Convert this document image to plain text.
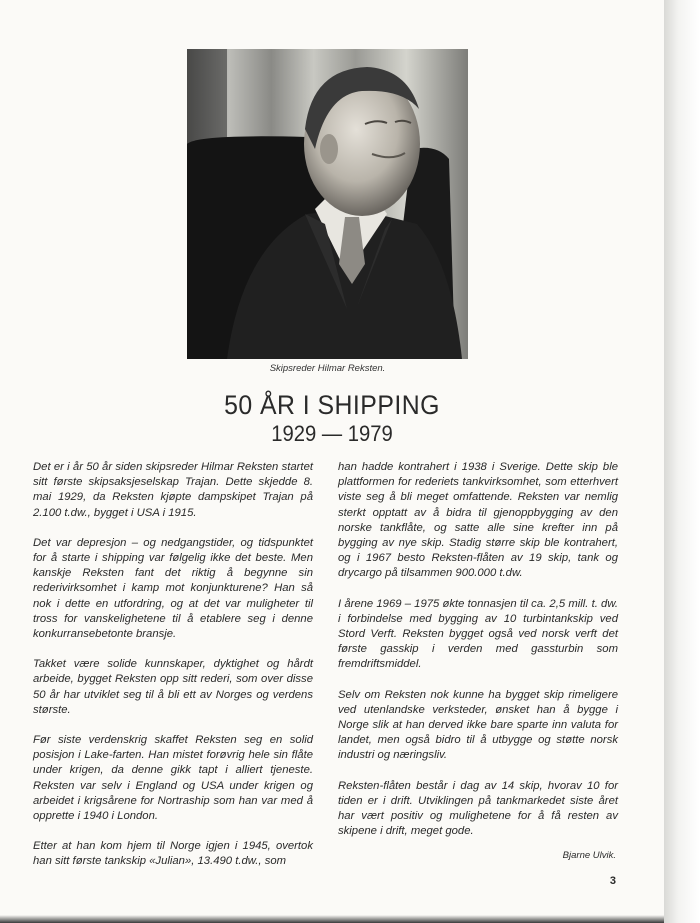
Skipsreder Hilmar Reksten.
50 ÅR I SHIPPING
1929 — 1979

Det er i år 50 år siden skipsreder Hilmar Reksten startet sitt første skipsaksjeselskap Trajan. Dette skjedde 8. mai 1929, da Reksten kjøpte dampskipet Trajan på 2.100 t.dw., bygget i USA i 1915.

Det var depresjon – og nedgangstider, og tidspunktet for å starte i shipping var følgelig ikke det beste. Men kanskje Reksten fant det riktig å begynne sin rederivirksomhet i kamp mot konjunkturene? Han så nok i dette en utfordring, og at det var muligheter til tross for vanskelighetene til å etablere seg i denne konkurransebetonte bransje.

Takket være solide kunnskaper, dyktighet og hårdt arbeide, bygget Reksten opp sitt rederi, som over disse 50 år har utviklet seg til å bli ett av Norges og verdens største.

Før siste verdenskrig skaffet Reksten seg en solid posisjon i Lake-farten. Han mistet forøvrig hele sin flåte under krigen, da denne gikk tapt i alliert tjeneste. Reksten var selv i England og USA under krigen og arbeidet i krigsårene for Nortraship som han var med å opprette i 1940 i London.

Etter at han kom hjem til Norge igjen i 1945, overtok han sitt første tankskip «Julian», 13.490 t.dw., som

han hadde kontrahert i 1938 i Sverige. Dette skip ble plattformen for rederiets tankvirksomhet, som etterhvert viste seg å bli meget omfattende. Reksten var nemlig sterkt opptatt av å bidra til gjenoppbygging av den norske tankflåte, og satte alle sine krefter inn på bygging av nye skip. Stadig større skip ble kontrahert, og i 1967 besto Reksten-flåten av 19 skip, tank og drycargo på tilsammen 900.000 t.dw.

I årene 1969 – 1975 økte tonnasjen til ca. 2,5 mill. t. dw. i forbindelse med bygging av 10 turbintankskip ved Stord Verft. Reksten bygget også ved norsk verft det første gasskip i verden med gassturbin som fremdriftsmiddel.

Selv om Reksten nok kunne ha bygget skip rimeligere ved utenlandske verksteder, ønsket han å bygge i Norge slik at han derved ikke bare sparte inn valuta for landet, men også bidro til å utbygge og støtte norsk industri og næringsliv.

Reksten-flåten består i dag av 14 skip, hvorav 10 for tiden er i drift. Utviklingen på tankmarkedet siste året har vært positiv og mulighetene for å få resten av skipene i drift, meget gode.

Bjarne Ulvik.
3
